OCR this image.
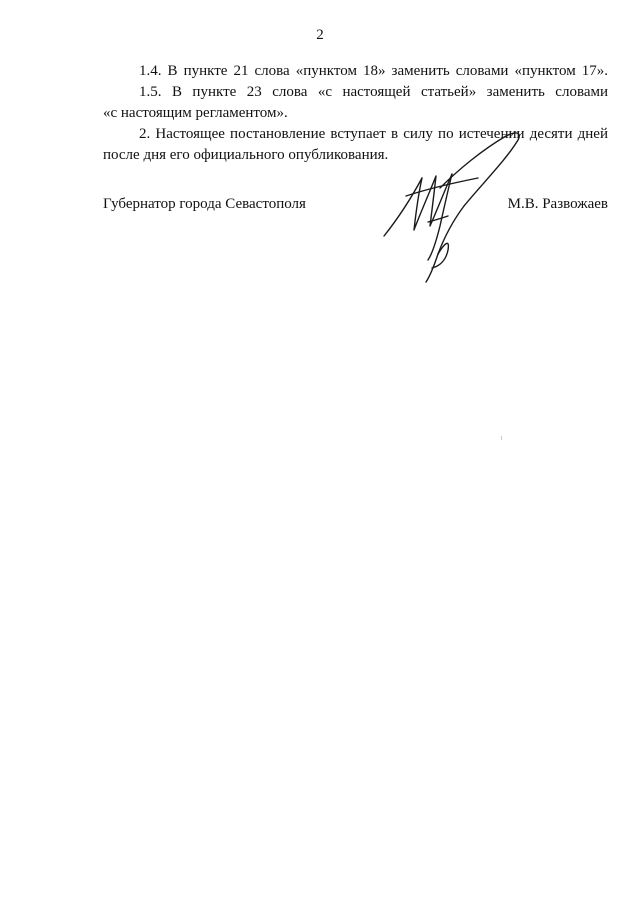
2

1.4. В пункте 21 слова «пунктом 18» заменить словами «пунктом 17».

1.5. В пункте 23 слова «с настоящей статьей» заменить словами

«с настоящим регламентом».

2. Настоящее постановление вступает в силу по истечении десяти дней

после дня его официального опубликования.

Губернатор города Севастополя	М.В. Развожаев
